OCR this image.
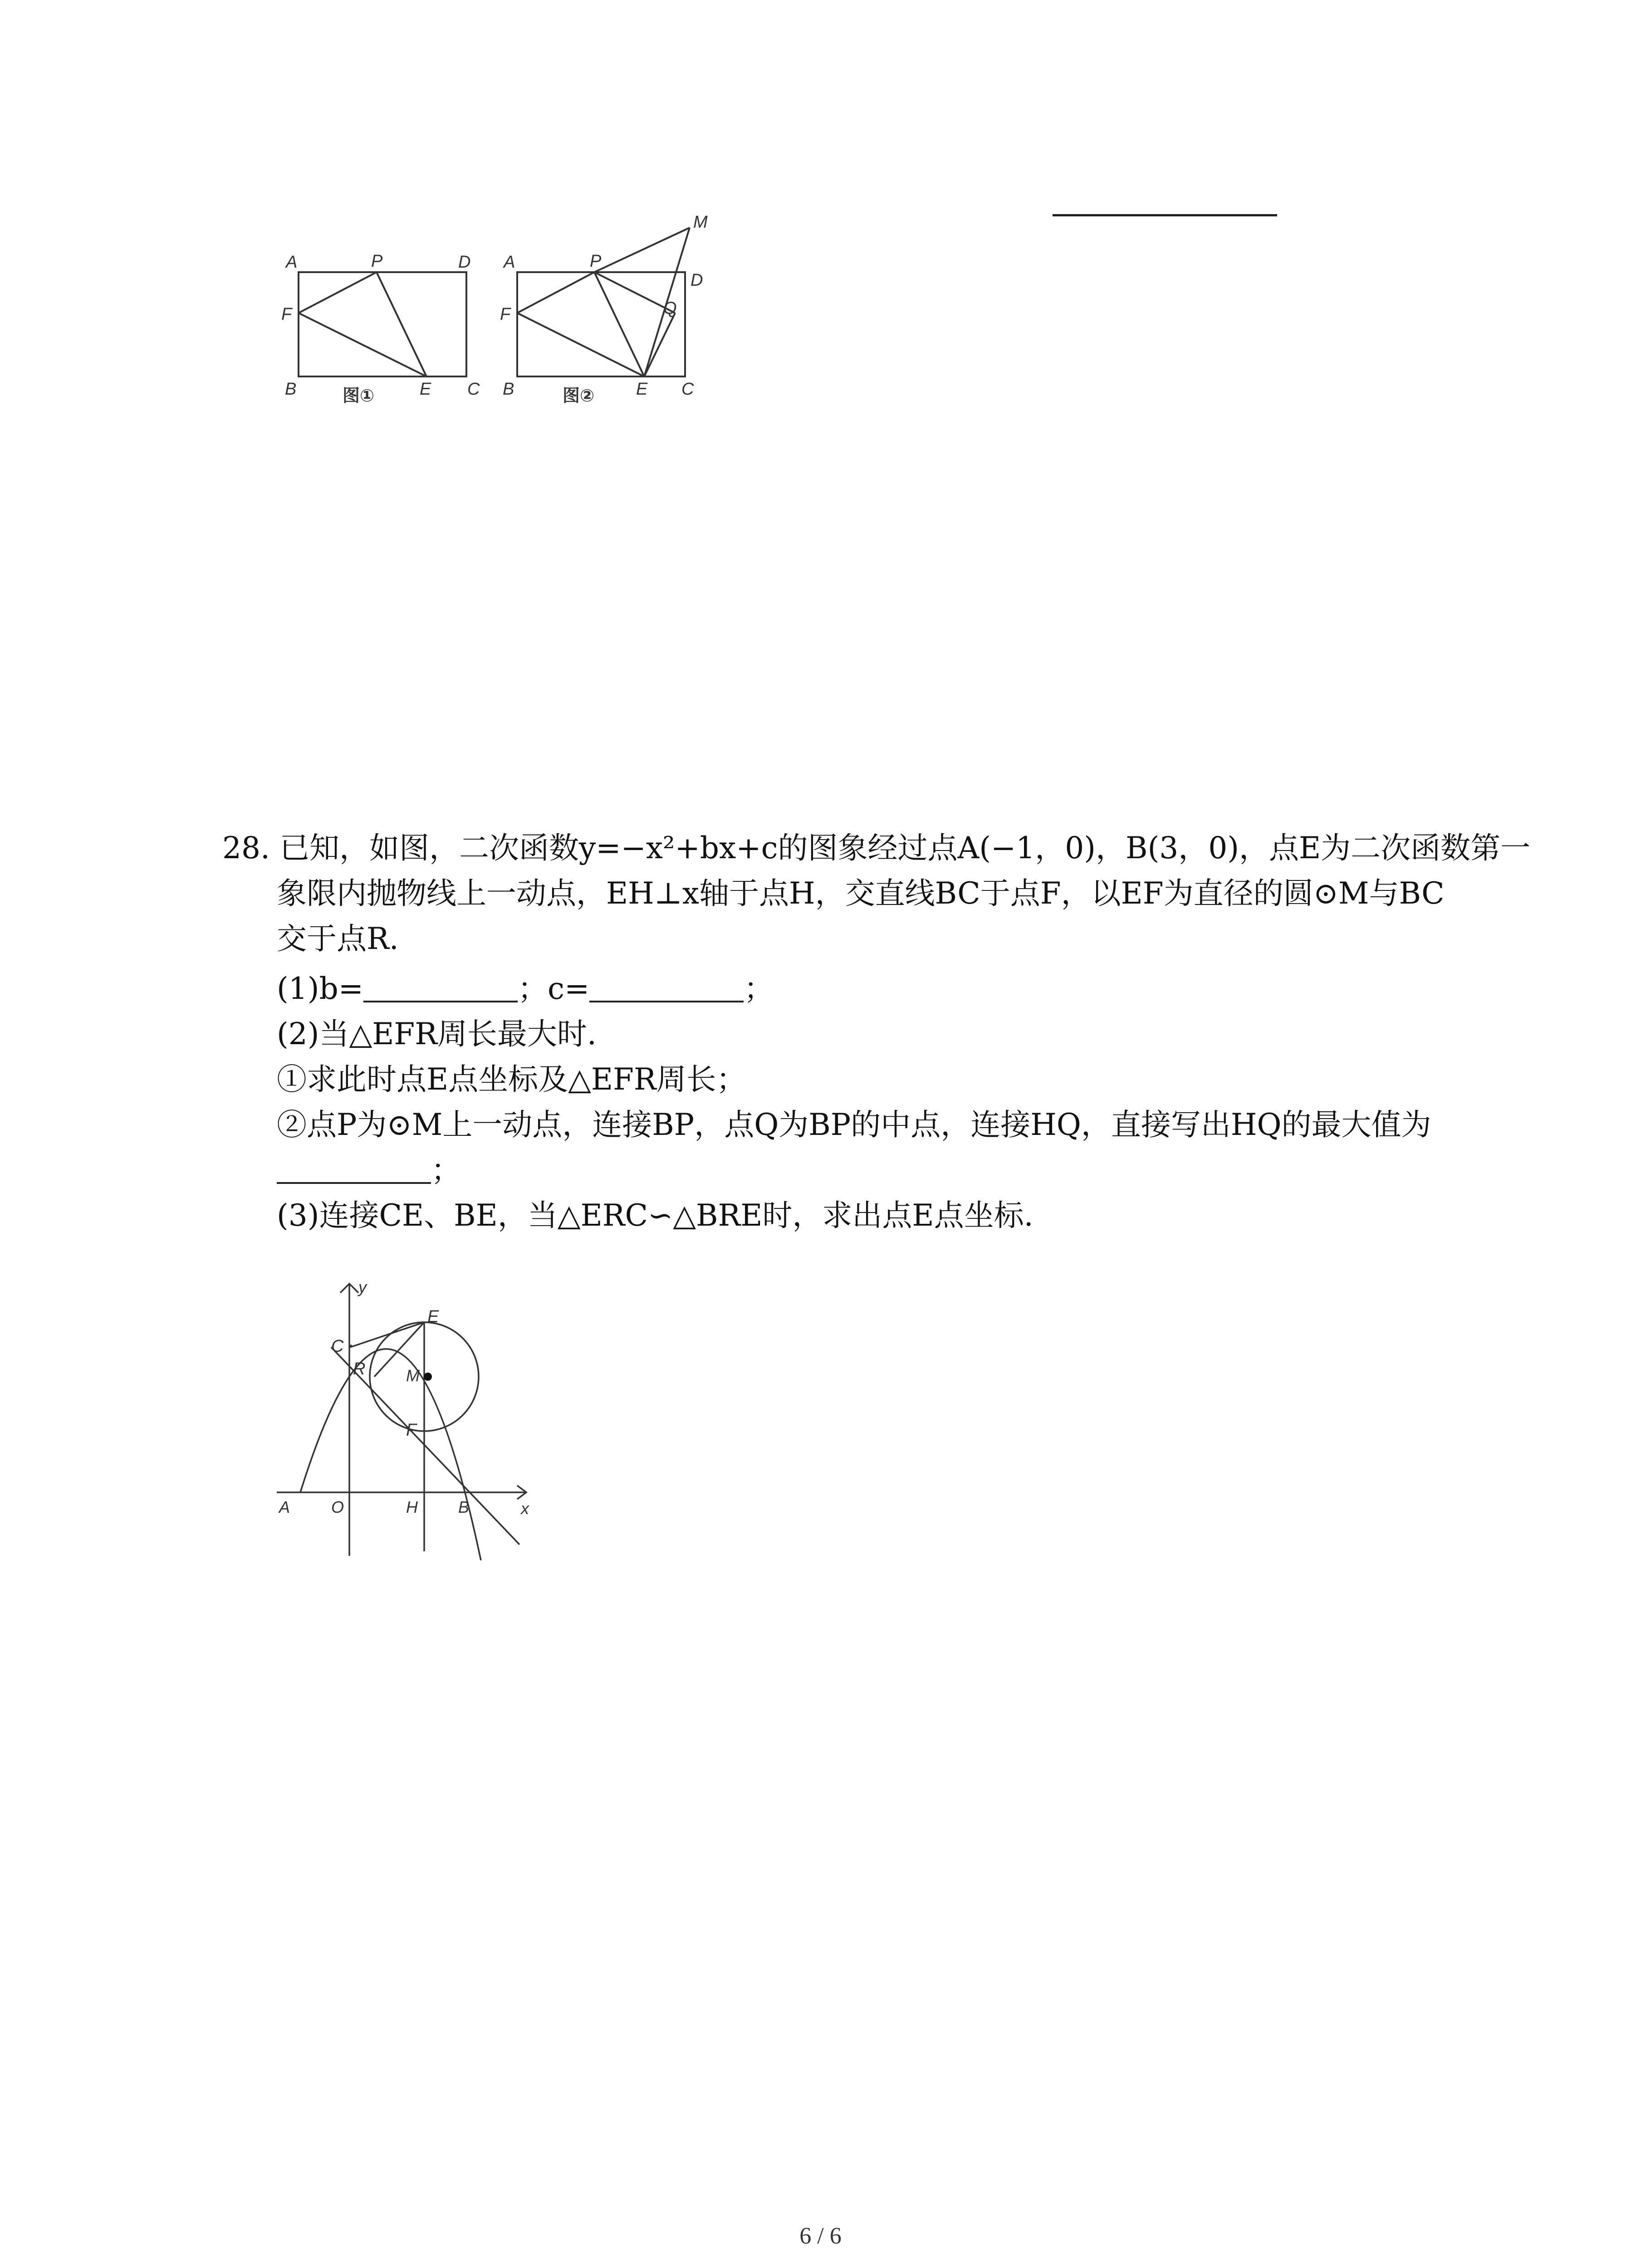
A	P	D
F
B	E C
图①
A	P
D
M
F	Q
B	E C
图②
28. 已知，如图，二次函数y=−x²+bx+c的图象经过点A(−1，0)，B(3，0)，点E为二次函数第一
象限内抛物线上一动点，EH⊥x轴于点H，交直线BC于点F，以EF为直径的圆⊙M与BC
交于点R.
(1)b=	；c=	；
(2)当△EFR周长最大时.
①求此时点E点坐标及△EFR周长；
②点P为⊙M上一动点，连接BP，点Q为BP的中点，连接HQ，直接写出HQ的最大值为
；
(3)连接CE、BE，当△ERC∽△BRE时，求出点E点坐标.
y
x
C
E
R M
F
A	O	H B
6 / 6
